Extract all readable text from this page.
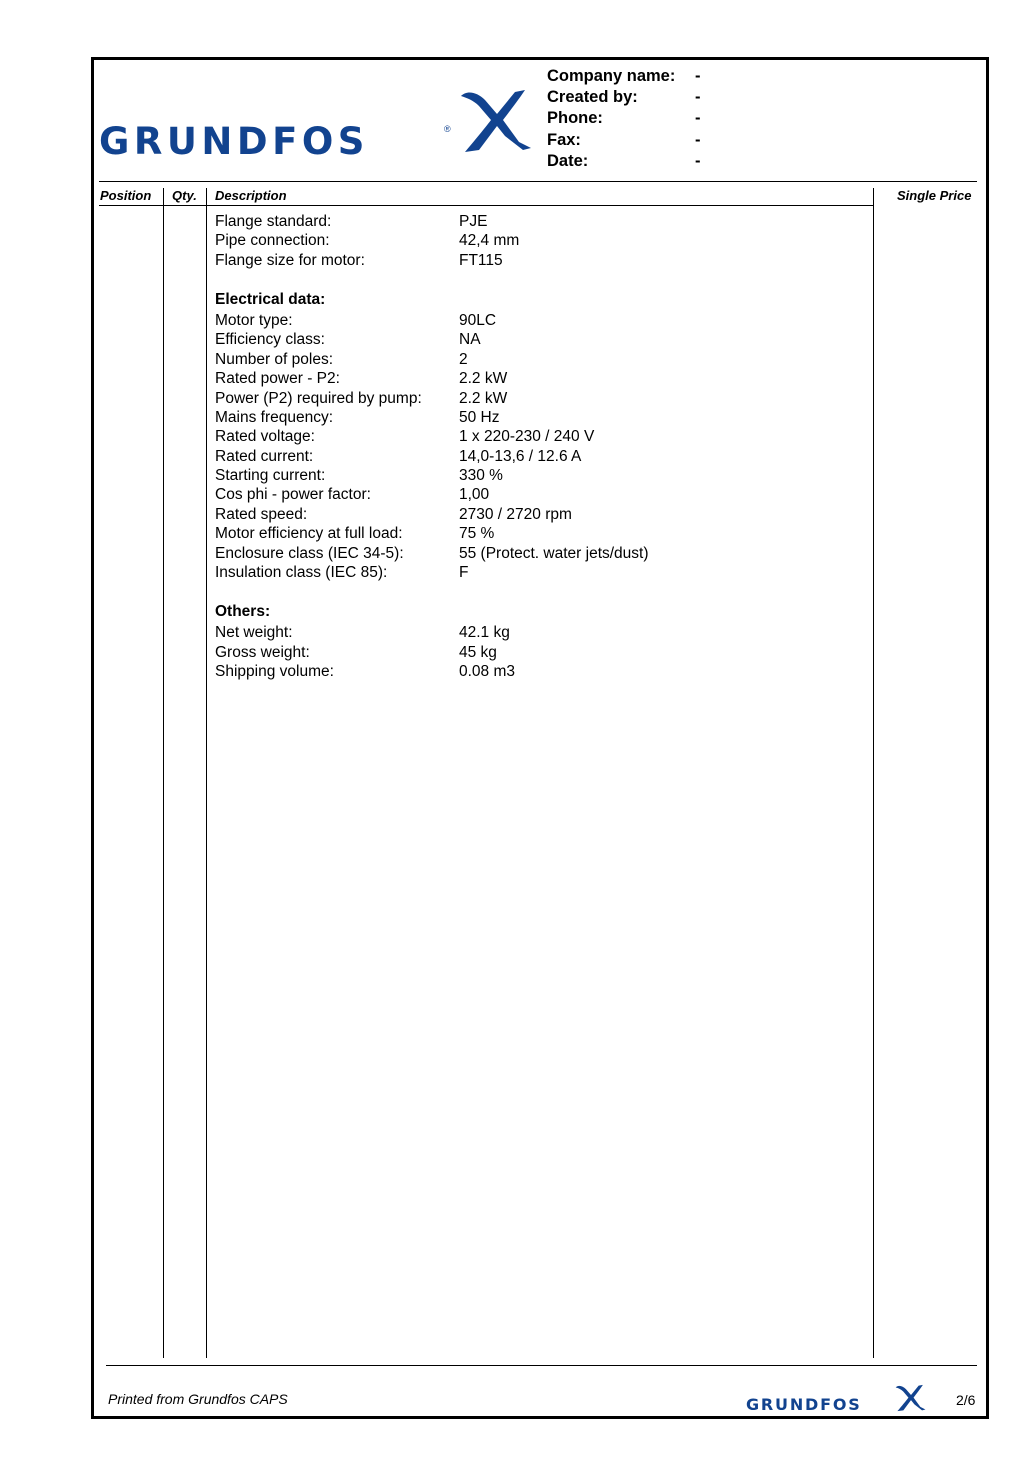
GRUNDFOS	®
Company name: -
Created by:	-
Phone:	-
Fax:	-
Date:	-
Position Qty. Description	Single Price
Flange standard:	PJE
Pipe connection:	42,4 mm
Flange size for motor:	FT115
Electrical data:
Motor type:	90LC
Efficiency class:	NA
Number of poles:	2
Rated power - P2:	2.2 kW
Power (P2) required by pump: 2.2 kW
Mains frequency:	50 Hz
Rated voltage:	1 x 220-230 / 240 V
Rated current:	14,0-13,6 / 12.6 A
Starting current:	330 %
Cos phi - power factor:	1,00
Rated speed:	2730 / 2720 rpm
Motor efficiency at full load:	75 %
Enclosure class (IEC 34-5):	55 (Protect. water jets/dust)
Insulation class (IEC 85):	F
Others:
Net weight:	42.1 kg
Gross weight:	45 kg
Shipping volume:	0.08 m3
Printed from Grundfos CAPS	GRUNDFOS	2/6
